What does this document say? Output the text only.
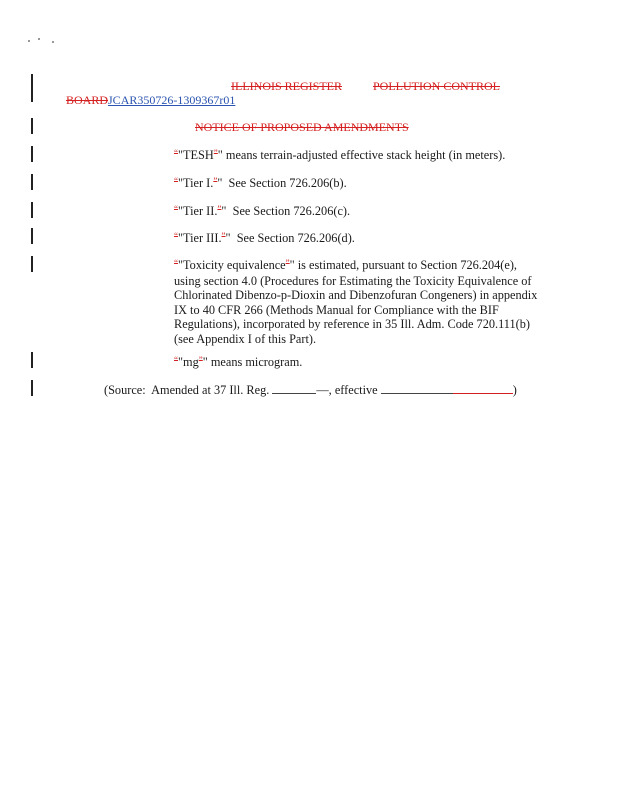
ILLINOIS REGISTER	POLLUTION CONTROL
BOARDJCAR350726-1309367r01
NOTICE OF PROPOSED AMENDMENTS
“"TESH”" means terrain-adjusted effective stack height (in meters).
“"Tier I.”"  See Section 726.206(b).
“"Tier II.”"  See Section 726.206(c).
“"Tier III.”"  See Section 726.206(d).
“"Toxicity equivalence”" is estimated, pursuant to Section 726.204(e), using section 4.0 (Procedures for Estimating the Toxicity Equivalence of Chlorinated Dibenzo-p-Dioxin and Dibenzofuran Congeners) in appendix IX to 40 CFR 266 (Methods Manual for Compliance with the BIF Regulations), incorporated by reference in 35 Ill. Adm. Code 720.111(b) (see Appendix I of this Part).
“"mg”" means microgram.
(Source:  Amended at 37 Ill. Reg.	—, effective	)
